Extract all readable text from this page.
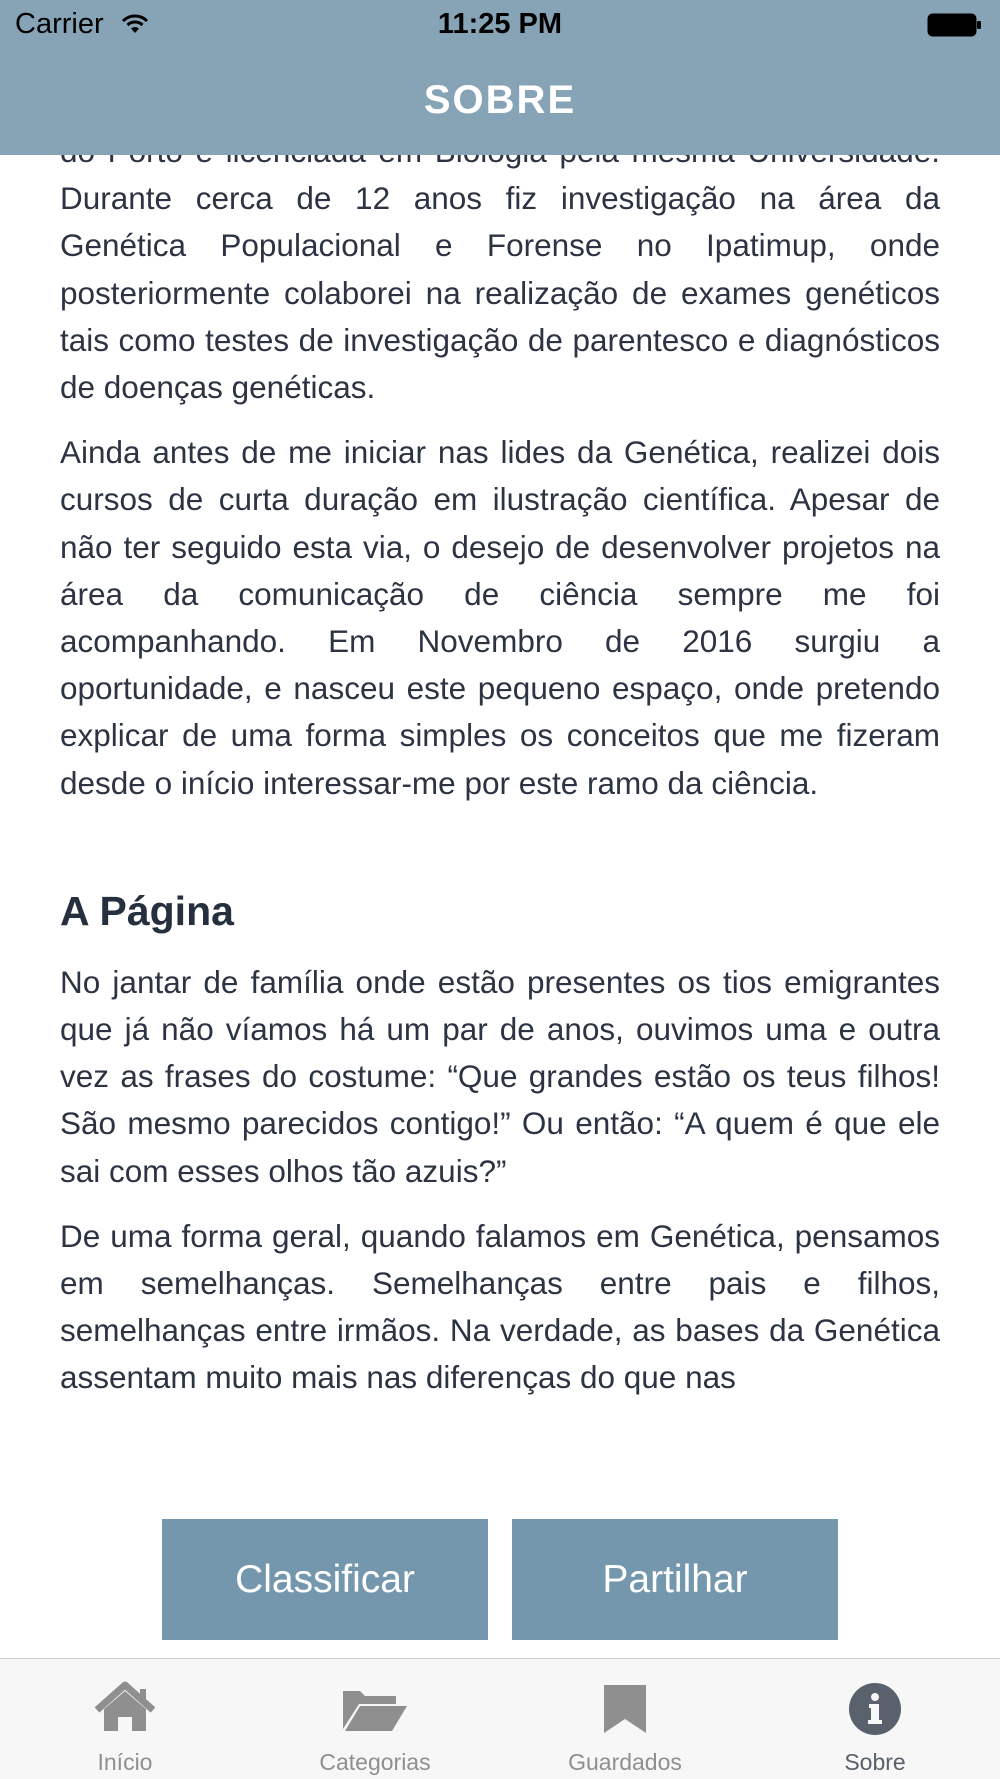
Carrier	11:25 PM
SOBRE

Durante cerca de 12 anos fiz investigação na área da Genética Populacional e Forense no Ipatimup, onde posteriormente colaborei na realização de exames genéticos tais como testes de investigação de parentesco e diagnósticos de doenças genéticas.

Ainda antes de me iniciar nas lides da Genética, realizei dois cursos de curta duração em ilustração científica. Apesar de não ter seguido esta via, o desejo de desenvolver projetos na área da comunicação de ciência sempre me foi acompanhando. Em Novembro de 2016 surgiu a oportunidade, e nasceu este pequeno espaço, onde pretendo explicar de uma forma simples os conceitos que me fizeram desde o início interessar-me por este ramo da ciência.

A Página

No jantar de família onde estão presentes os tios emigrantes que já não víamos há um par de anos, ouvimos uma e outra vez as frases do costume: “Que grandes estão os teus filhos! São mesmo parecidos contigo!” Ou então: “A quem é que ele sai com esses olhos tão azuis?”

De uma forma geral, quando falamos em Genética, pensamos em semelhanças. Semelhanças entre pais e filhos, semelhanças entre irmãos. Na verdade, as bases da Genética assentam muito mais nas diferenças do que nas

Classificar	Partilhar
Início	Categorias	Guardados	Sobre
